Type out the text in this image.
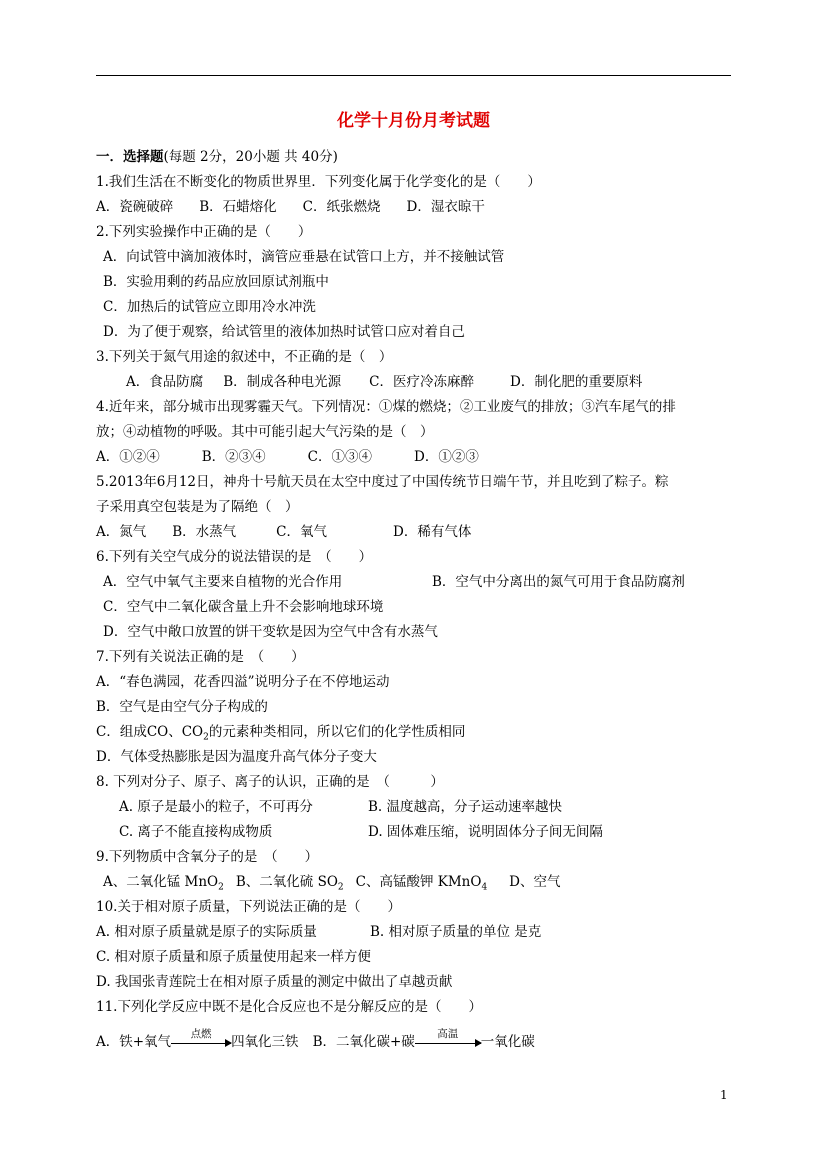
化学十月份月考试题
一．选择题(每题 2分，20小题 共 40分)
1.我们生活在不断变化的物质世界里．下列变化属于化学变化的是（　　）
A．瓷碗破碎 B．石蜡熔化 C．纸张燃烧 D．湿衣晾干
2.下列实验操作中正确的是（　　）
A．向试管中滴加液体时，滴管应垂悬在试管口上方，并不接触试管
B．实验用剩的药品应放回原试剂瓶中
C．加热后的试管应立即用冷水冲洗
D．为了便于观察，给试管里的液体加热时试管口应对着自己
3.下列关于氮气用途的叙述中，不正确的是（　）
A．食品防腐 B．制成各种电光源 C．医疗冷冻麻醉	D．制化肥的重要原料
4.近年来，部分城市出现雾霾天气。下列情况：①煤的燃烧；②工业废气的排放；③汽车尾气的排
放；④动植物的呼吸。其中可能引起大气污染的是（　）
A．①②④	B．②③④	C．①③④	D．①②③
5.2013年6月12日，神舟十号航天员在太空中度过了中国传统节日端午节，并且吃到了粽子。粽
子采用真空包装是为了隔绝（　）
A．氮气 B．水蒸气	C．氧气	D．稀有气体
6.下列有关空气成分的说法错误的是　（　　）
A．空气中氧气主要来自植物的光合作用	B．空气中分离出的氮气可用于食品防腐剂
C．空气中二氧化碳含量上升不会影响地球环境
D．空气中敞口放置的饼干变软是因为空气中含有水蒸气
7.下列有关说法正确的是　（　　）
A．“春色满园，花香四溢”说明分子在不停地运动
B．空气是由空气分子构成的
C．组成CO、$CO_2$的元素种类相同，所以它们的化学性质相同
D．气体受热膨胀是因为温度升高气体分子变大
8. 下列对分子、原子、离子的认识，正确的是　（　　　）
A. 原子是最小的粒子，不可再分	B. 温度越高，分子运动速率越快
C. 离子不能直接构成物质	D. 固体难压缩，说明固体分子间无间隔
9.下列物质中含氧分子的是　（　　）
A、二氧化锰 MnO$_2$ B、二氧化硫 $SO_2$ C、高锰酸钾 KMnO$_4$ D、空气
10.关于相对原子质量，下列说法正确的是（　　）
A. 相对原子质量就是原子的实际质量	B. 相对原子质量的单位 是克
C. 相对原子质量和原子质量使用起来一样方便
D. 我国张青莲院士在相对原子质量的测定中做出了卓越贡献
11.下列化学反应中既不是化合反应也不是分解反应的是（　　）
A．铁+氧气	点燃	四氧化三铁 B．二氧化碳+碳	高温	一氧化碳
1
